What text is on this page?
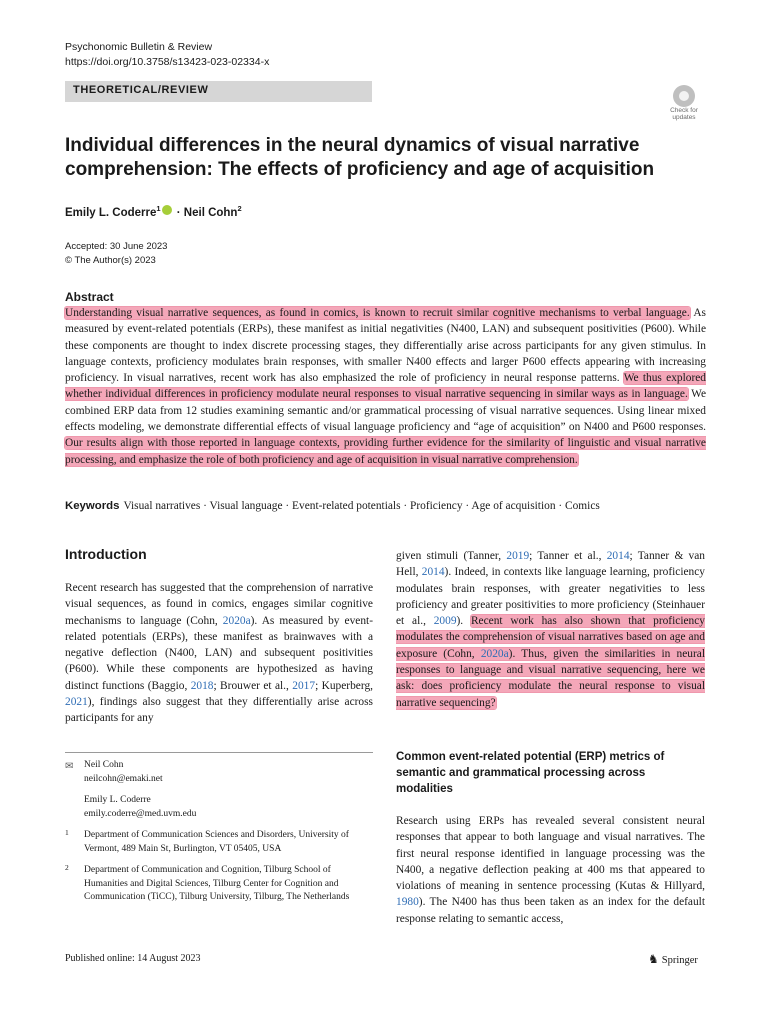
Psychonomic Bulletin & Review
https://doi.org/10.3758/s13423-023-02334-x
THEORETICAL/REVIEW
Check for
updates
Individual differences in the neural dynamics of visual narrative comprehension: The effects of proficiency and age of acquisition
Emily L. Coderre$^1$ · Neil Cohn$^2$
Accepted: 30 June 2023
© The Author(s) 2023
Abstract
Understanding visual narrative sequences, as found in comics, is known to recruit similar cognitive mechanisms to verbal language. As measured by event-related potentials (ERPs), these manifest as initial negativities (N400, LAN) and subsequent positivities (P600). While these components are thought to index discrete processing stages, they differentially arise across participants for any given stimulus. In language contexts, proficiency modulates brain responses, with smaller N400 effects and larger P600 effects appearing with increasing proficiency. In visual narratives, recent work has also emphasized the role of proficiency in neural response patterns. We thus explored whether individual differences in proficiency modulate neural responses to visual narrative sequencing in similar ways as in language. We combined ERP data from 12 studies examining semantic and/or grammatical processing of visual narrative sequences. Using linear mixed effects modeling, we demonstrate differential effects of visual language proficiency and “age of acquisition” on N400 and P600 responses. Our results align with those reported in language contexts, providing further evidence for the similarity of linguistic and visual narrative processing, and emphasize the role of both proficiency and age of acquisition in visual narrative comprehension.
Keywords Visual narratives · Visual language · Event-related potentials · Proficiency · Age of acquisition · Comics
Introduction
Recent research has suggested that the comprehension of narrative visual sequences, as found in comics, engages similar cognitive mechanisms to language (Cohn, 2020a). As measured by event-related potentials (ERPs), these manifest as brainwaves with a negative deflection (N400, LAN) and subsequent positivities (P600). While these components are hypothesized as having distinct functions (Baggio, 2018; Brouwer et al., 2017; Kuperberg, 2021), findings also suggest that they differentially arise across participants for any
given stimuli (Tanner, 2019; Tanner et al., 2014; Tanner & van Hell, 2014). Indeed, in contexts like language learning, proficiency modulates brain responses, with greater negativities to less proficiency and greater positivities to more proficiency (Steinhauer et al., 2009). Recent work has also shown that proficiency modulates the comprehension of visual narratives based on age and exposure (Cohn, 2020a). Thus, given the similarities in neural responses to language and visual narrative sequencing, here we ask: does proficiency modulate the neural response to visual narrative sequencing?
✉ Neil Cohn
neilcohn@emaki.net
Emily L. Coderre
emily.coderre@med.uvm.edu
1 Department of Communication Sciences and Disorders, University of Vermont, 489 Main St, Burlington, VT 05405, USA
2 Department of Communication and Cognition, Tilburg School of Humanities and Digital Sciences, Tilburg Center for Cognition and Communication (TiCC), Tilburg University, Tilburg, The Netherlands
Common event-related potential (ERP) metrics of semantic and grammatical processing across modalities
Research using ERPs has revealed several consistent neural responses that appear to both language and visual narratives. The first neural response identified in language processing was the N400, a negative deflection peaking at 400 ms that appeared to violations of meaning in sentence processing (Kutas & Hillyard, 1980). The N400 has thus been taken as an index for the default response relating to semantic access,
Published online: 14 August 2023	♞ Springer
